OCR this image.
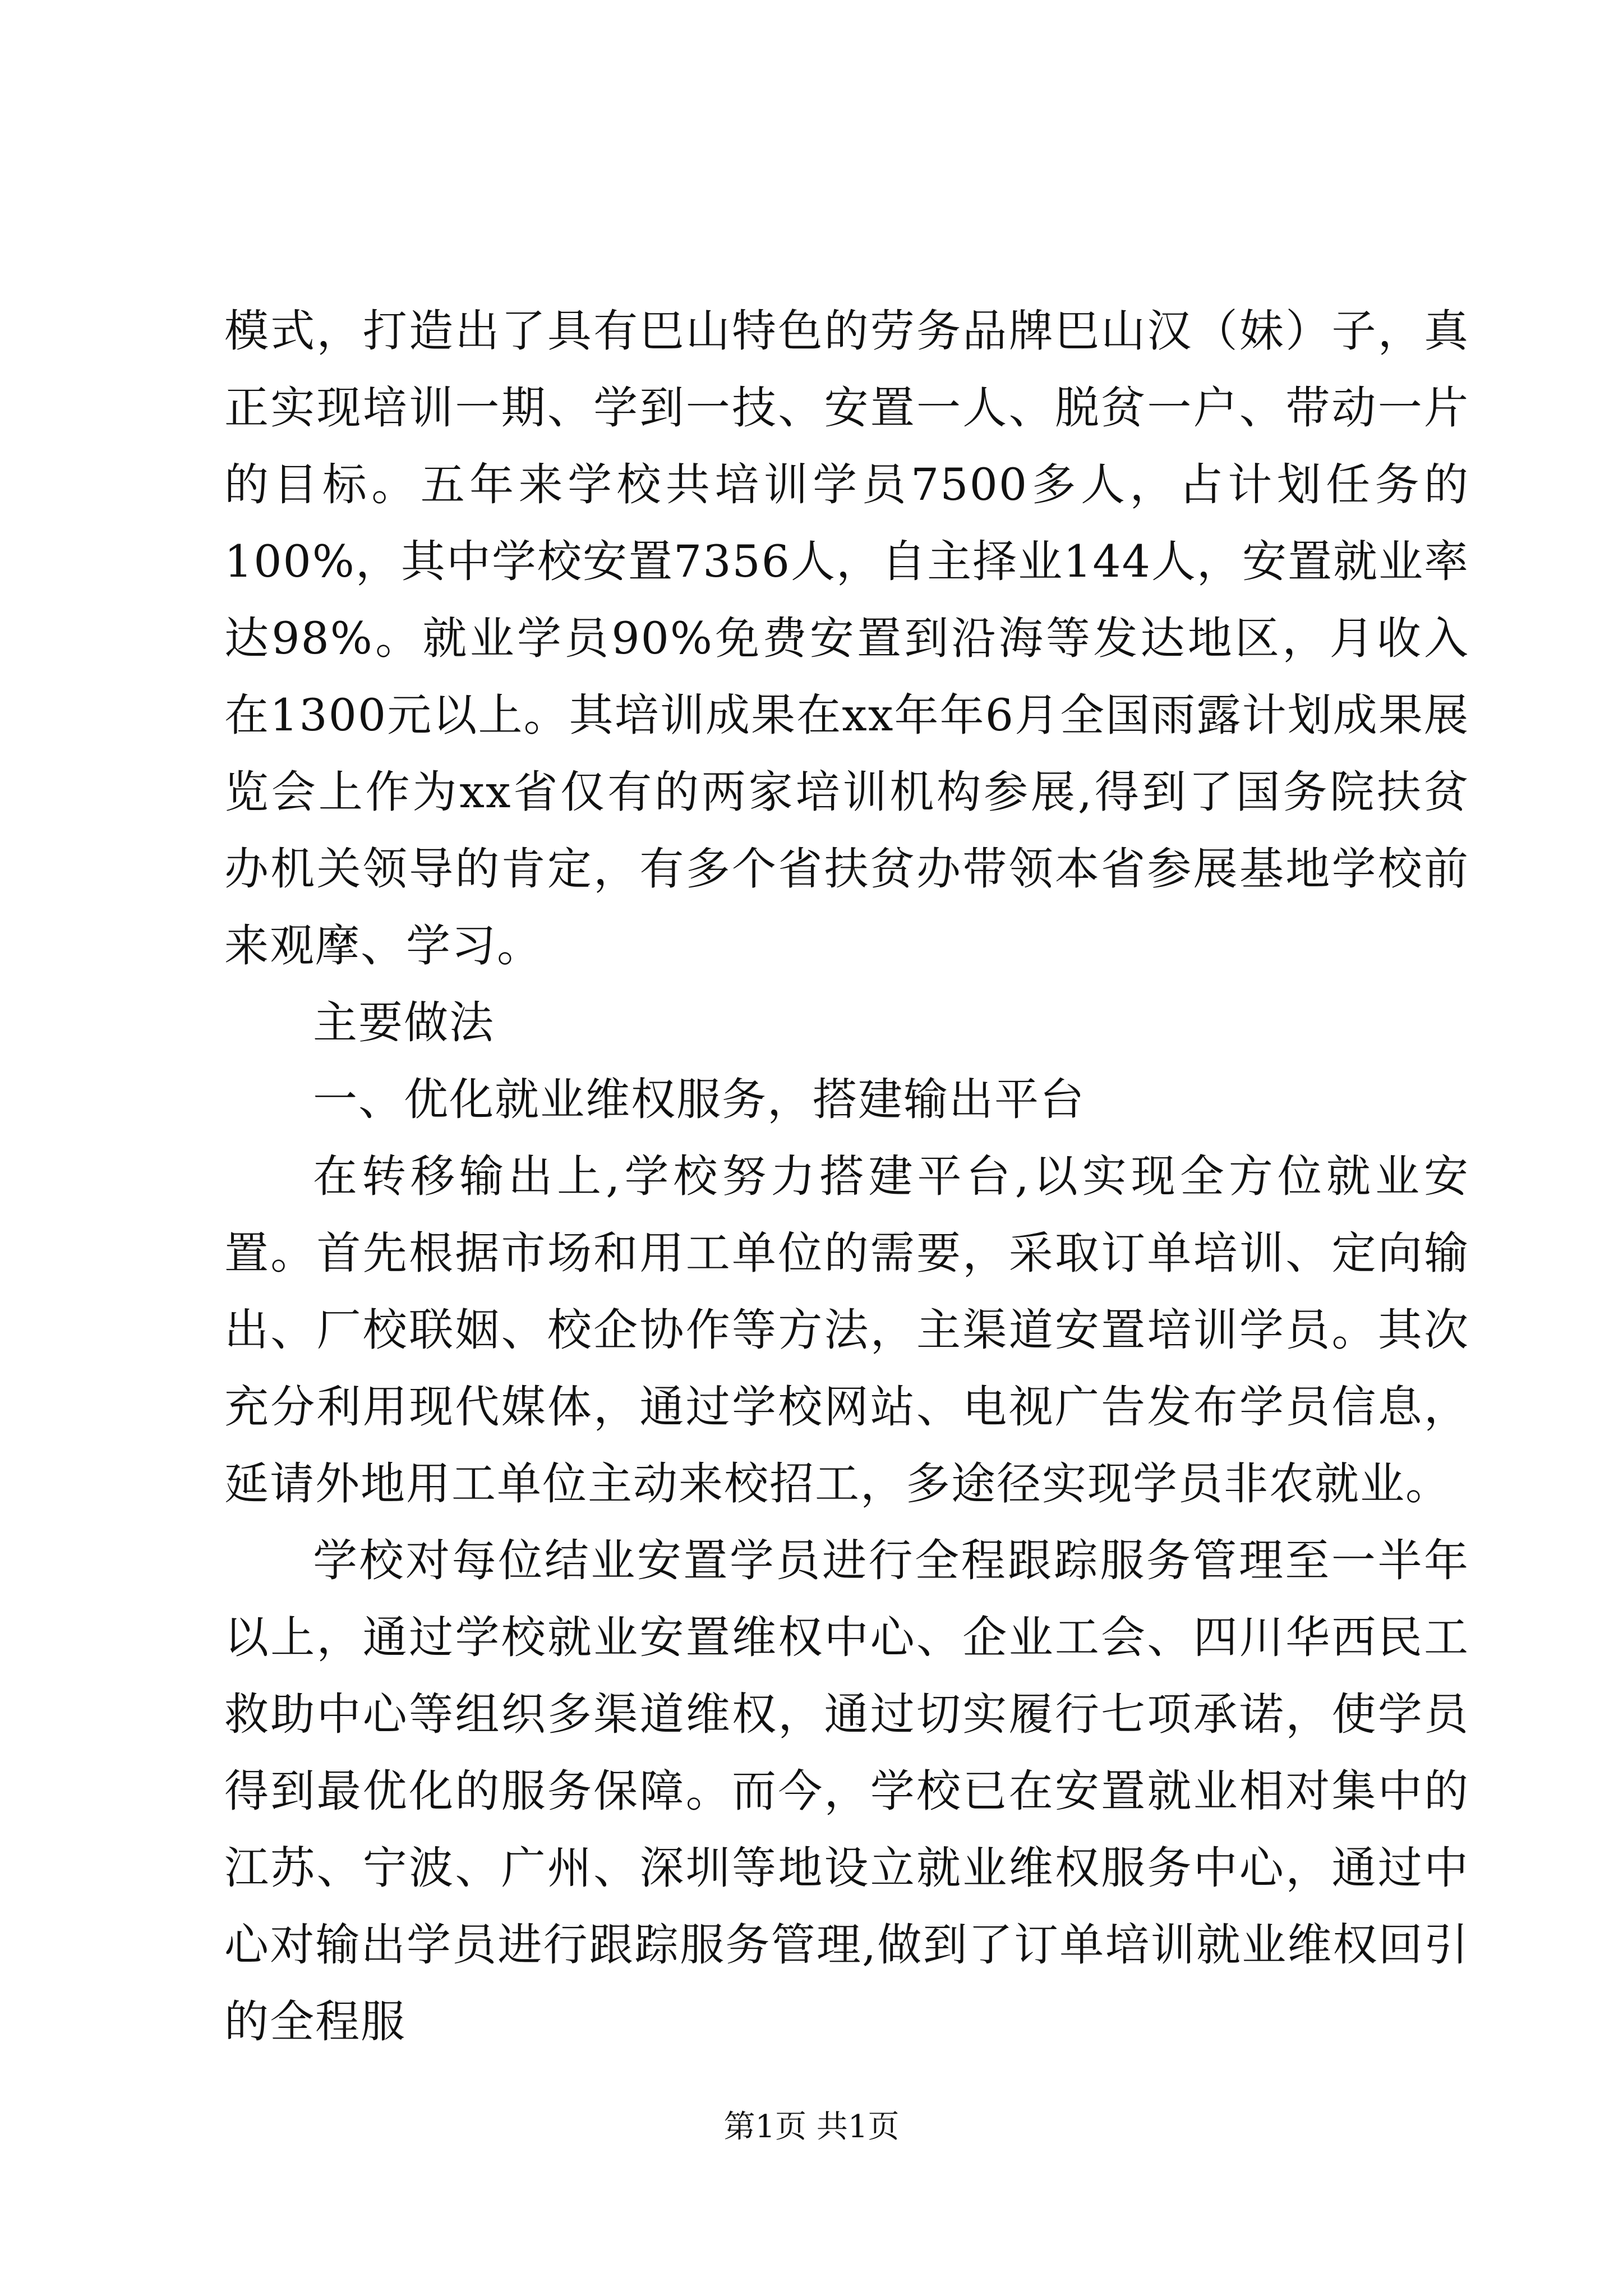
模式，打造出了具有巴山特色的劳务品牌巴山汉（妹）子，真正实现培训一期、学到一技、安置一人、脱贫一户、带动一片的目标。五年来学校共培训学员7500多人，占计划任务的100%，其中学校安置7356人，自主择业144人，安置就业率达98%。就业学员90%免费安置到沿海等发达地区，月收入在1300元以上。其培训成果在xx年年6月全国雨露计划成果展览会上作为xx省仅有的两家培训机构参展,得到了国务院扶贫办机关领导的肯定，有多个省扶贫办带领本省参展基地学校前来观摩、学习。

主要做法

一、优化就业维权服务，搭建输出平台

在转移输出上,学校努力搭建平台,以实现全方位就业安置。首先根据市场和用工单位的需要，采取订单培训、定向输出、厂校联姻、校企协作等方法，主渠道安置培训学员。其次充分利用现代媒体，通过学校网站、电视广告发布学员信息，延请外地用工单位主动来校招工，多途径实现学员非农就业。

学校对每位结业安置学员进行全程跟踪服务管理至一半年以上，通过学校就业安置维权中心、企业工会、四川华西民工救助中心等组织多渠道维权，通过切实履行七项承诺，使学员得到最优化的服务保障。而今，学校已在安置就业相对集中的江苏、宁波、广州、深圳等地设立就业维权服务中心，通过中心对输出学员进行跟踪服务管理,做到了订单培训就业维权回引的全程服

第1页 共1页
